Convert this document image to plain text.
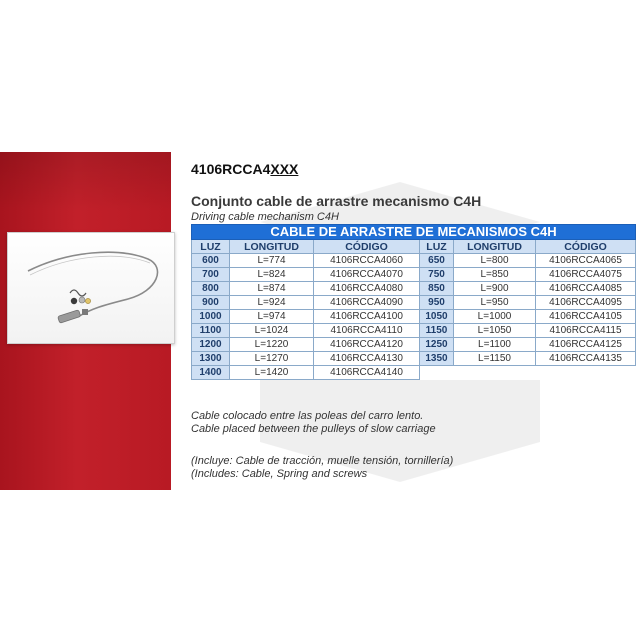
4106RCCA4XXX
Conjunto cable de arrastre mecanismo C4H
Driving cable mechanism C4H
CABLE DE ARRASTRE DE MECANISMOS C4H					
LUZ	LONGITUD	CÓDIGO	LUZ	LONGITUD	CÓDIGO
600	L=774	4106RCCA4060	650	L=800	4106RCCA4065
700	L=824	4106RCCA4070	750	L=850	4106RCCA4075
800	L=874	4106RCCA4080	850	L=900	4106RCCA4085
900	L=924	4106RCCA4090	950	L=950	4106RCCA4095
1000	L=974	4106RCCA4100	1050	L=1000	4106RCCA4105
1100	L=1024	4106RCCA4110	1150	L=1050	4106RCCA4115
1200	L=1220	4106RCCA4120	1250	L=1100	4106RCCA4125
1300	L=1270	4106RCCA4130	1350	L=1150	4106RCCA4135
1400	L=1420	4106RCCA4140			
Cable colocado entre las poleas del carro lento.
Cable placed between the pulleys of slow carriage
(Incluye: Cable de tracción, muelle tensión, tornillería)
(Includes: Cable, Spring and screws
